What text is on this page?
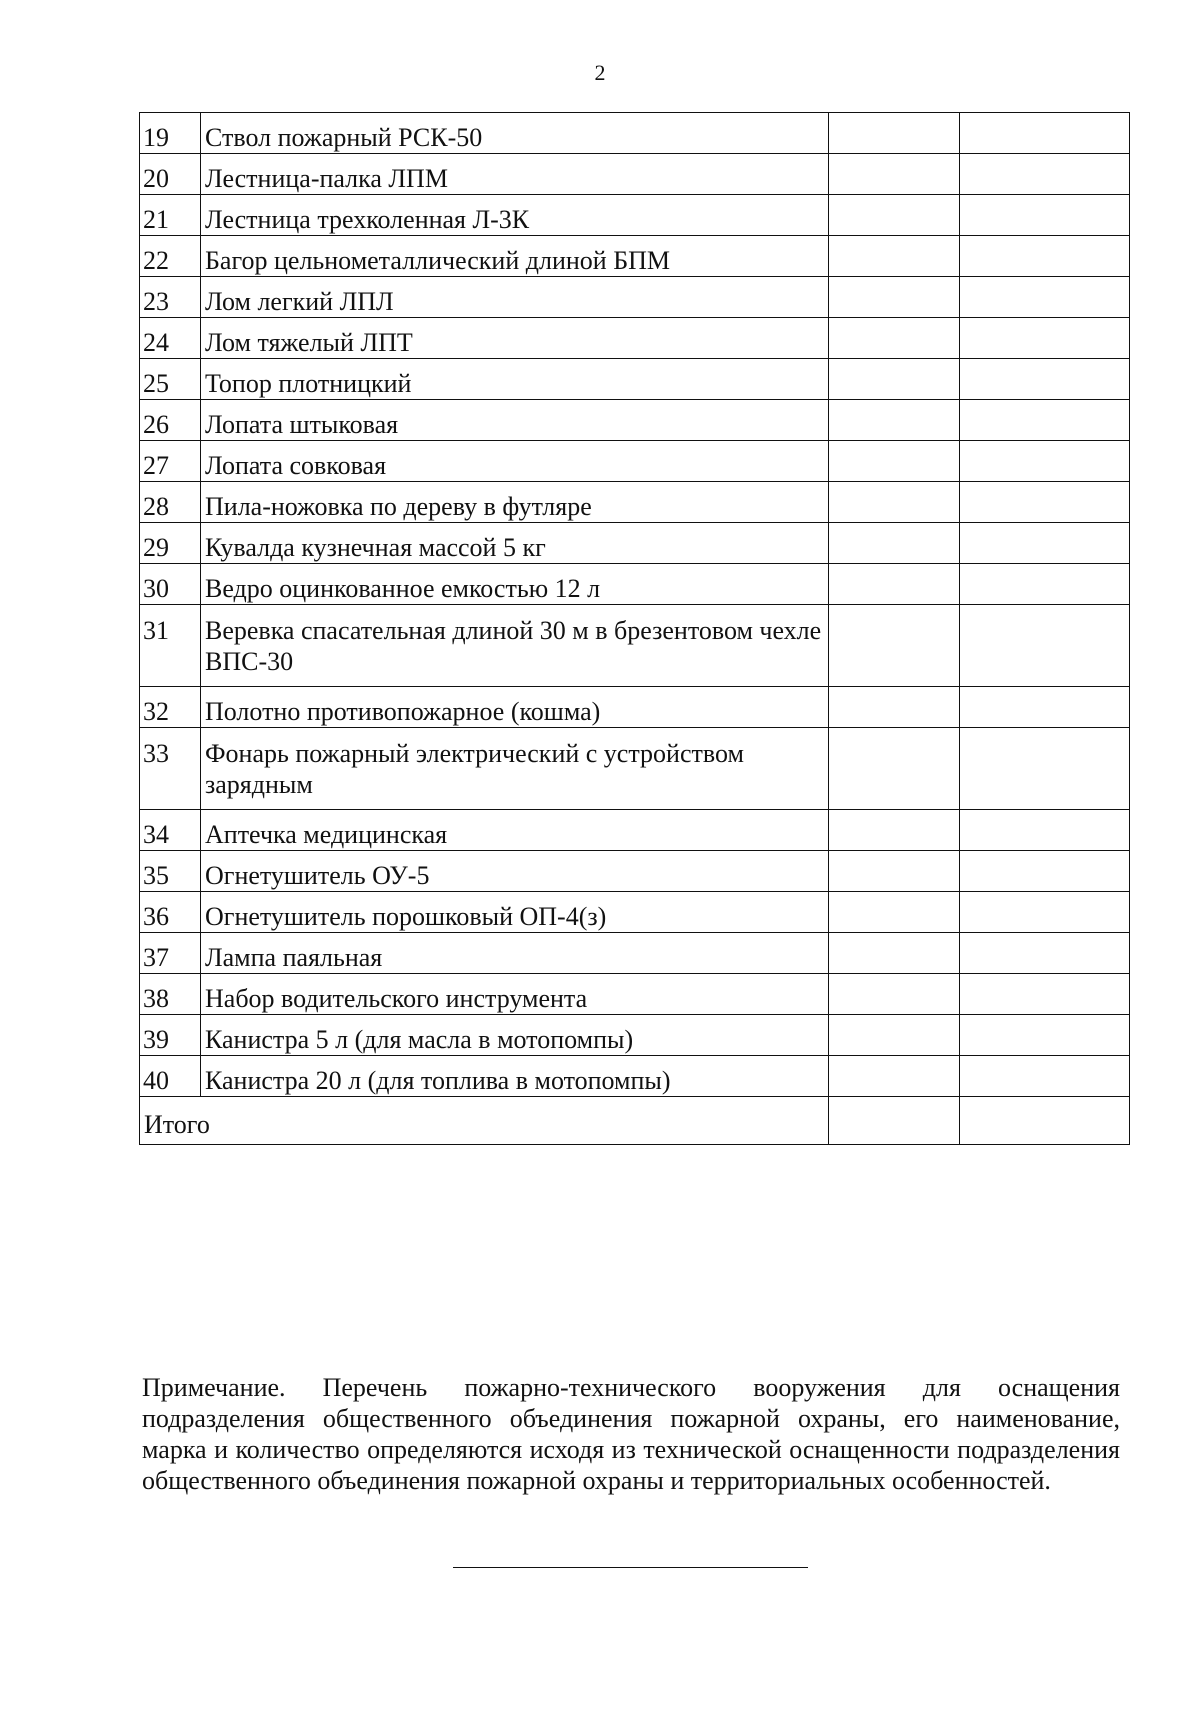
2
19	Ствол пожарный РСК-50		
20	Лестница-палка ЛПМ		
21	Лестница трехколенная Л-3К		
22	Багор цельнометаллический длиной БПМ		
23	Лом легкий ЛПЛ		
24	Лом тяжелый ЛПТ		
25	Топор плотницкий		
26	Лопата штыковая		
27	Лопата совковая		
28	Пила-ножовка по дереву в футляре		
29	Кувалда кузнечная массой 5 кг		
30	Ведро оцинкованное емкостью 12 л		
31	Веревка спасательная длиной 30 м в брезентовом чехле ВПС-30		
32	Полотно противопожарное (кошма)		
33	Фонарь пожарный электрический с устройством зарядным		
34	Аптечка медицинская		
35	Огнетушитель ОУ-5		
36	Огнетушитель порошковый ОП-4(з)		
37	Лампа паяльная		
38	Набор водительского инструмента		
39	Канистра 5 л (для масла в мотопомпы)		
40	Канистра 20 л (для топлива в мотопомпы)		
Итого			
Примечание. Перечень пожарно-технического вооружения для оснащения подразделения общественного объединения пожарной охраны, его наименование, марка и количество определяются исходя из технической оснащенности подразделения общественного объединения пожарной охраны и территориальных особенностей.
